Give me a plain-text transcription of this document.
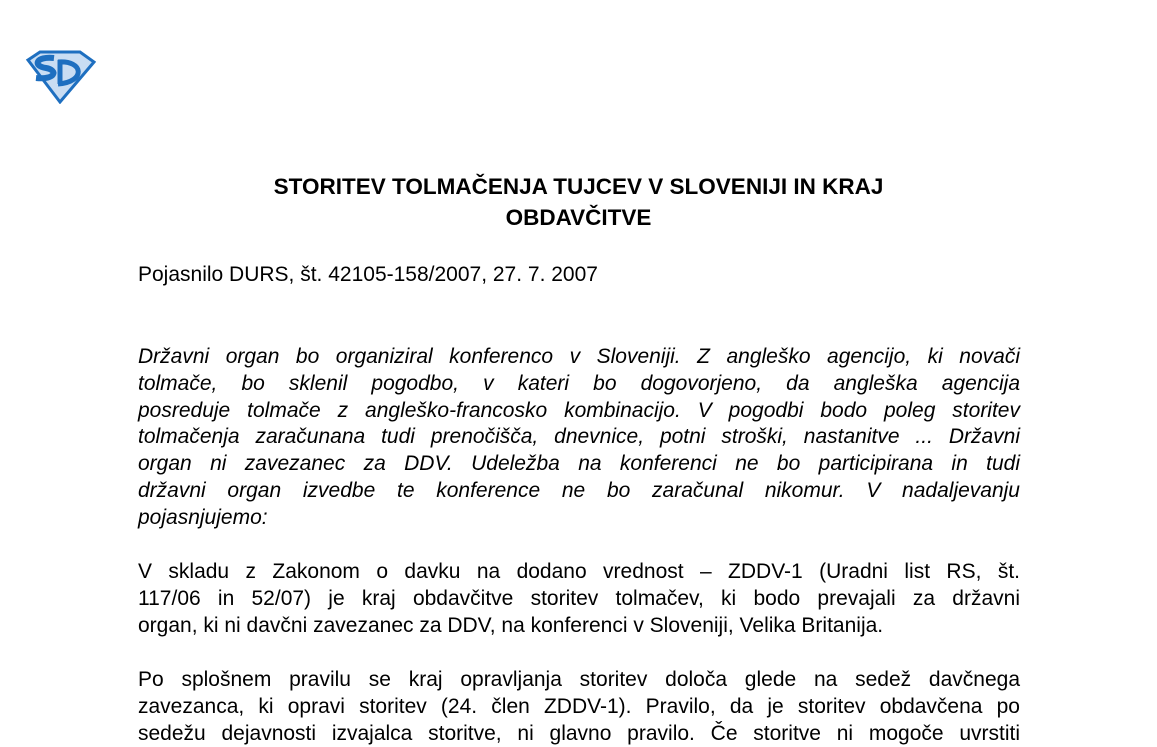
STORITEV TOLMAČENJA TUJCEV V SLOVENIJI IN KRAJ
OBDAVČITVE
Pojasnilo DURS, št. 42105-158/2007, 27. 7. 2007
Državni organ bo organiziral konferenco v Sloveniji. Z angleško agencijo, ki novači
tolmače, bo sklenil pogodbo, v kateri bo dogovorjeno, da angleška agencija
posreduje tolmače z angleško-francosko kombinacijo. V pogodbi bodo poleg storitev
tolmačenja zaračunana tudi prenočišča, dnevnice, potni stroški, nastanitve ... Državni
organ ni zavezanec za DDV. Udeležba na konferenci ne bo participirana in tudi
državni organ izvedbe te konference ne bo zaračunal nikomur. V nadaljevanju
pojasnjujemo:
V skladu z Zakonom o davku na dodano vrednost – ZDDV-1 (Uradni list RS, št.
117/06 in 52/07) je kraj obdavčitve storitev tolmačev, ki bodo prevajali za državni
organ, ki ni davčni zavezanec za DDV, na konferenci v Sloveniji, Velika Britanija.
Po splošnem pravilu se kraj opravljanja storitev določa glede na sedež davčnega
zavezanca, ki opravi storitev (24. člen ZDDV-1). Pravilo, da je storitev obdavčena po
sedežu dejavnosti izvajalca storitve, ni glavno pravilo. Če storitve ni mogoče uvrstiti
